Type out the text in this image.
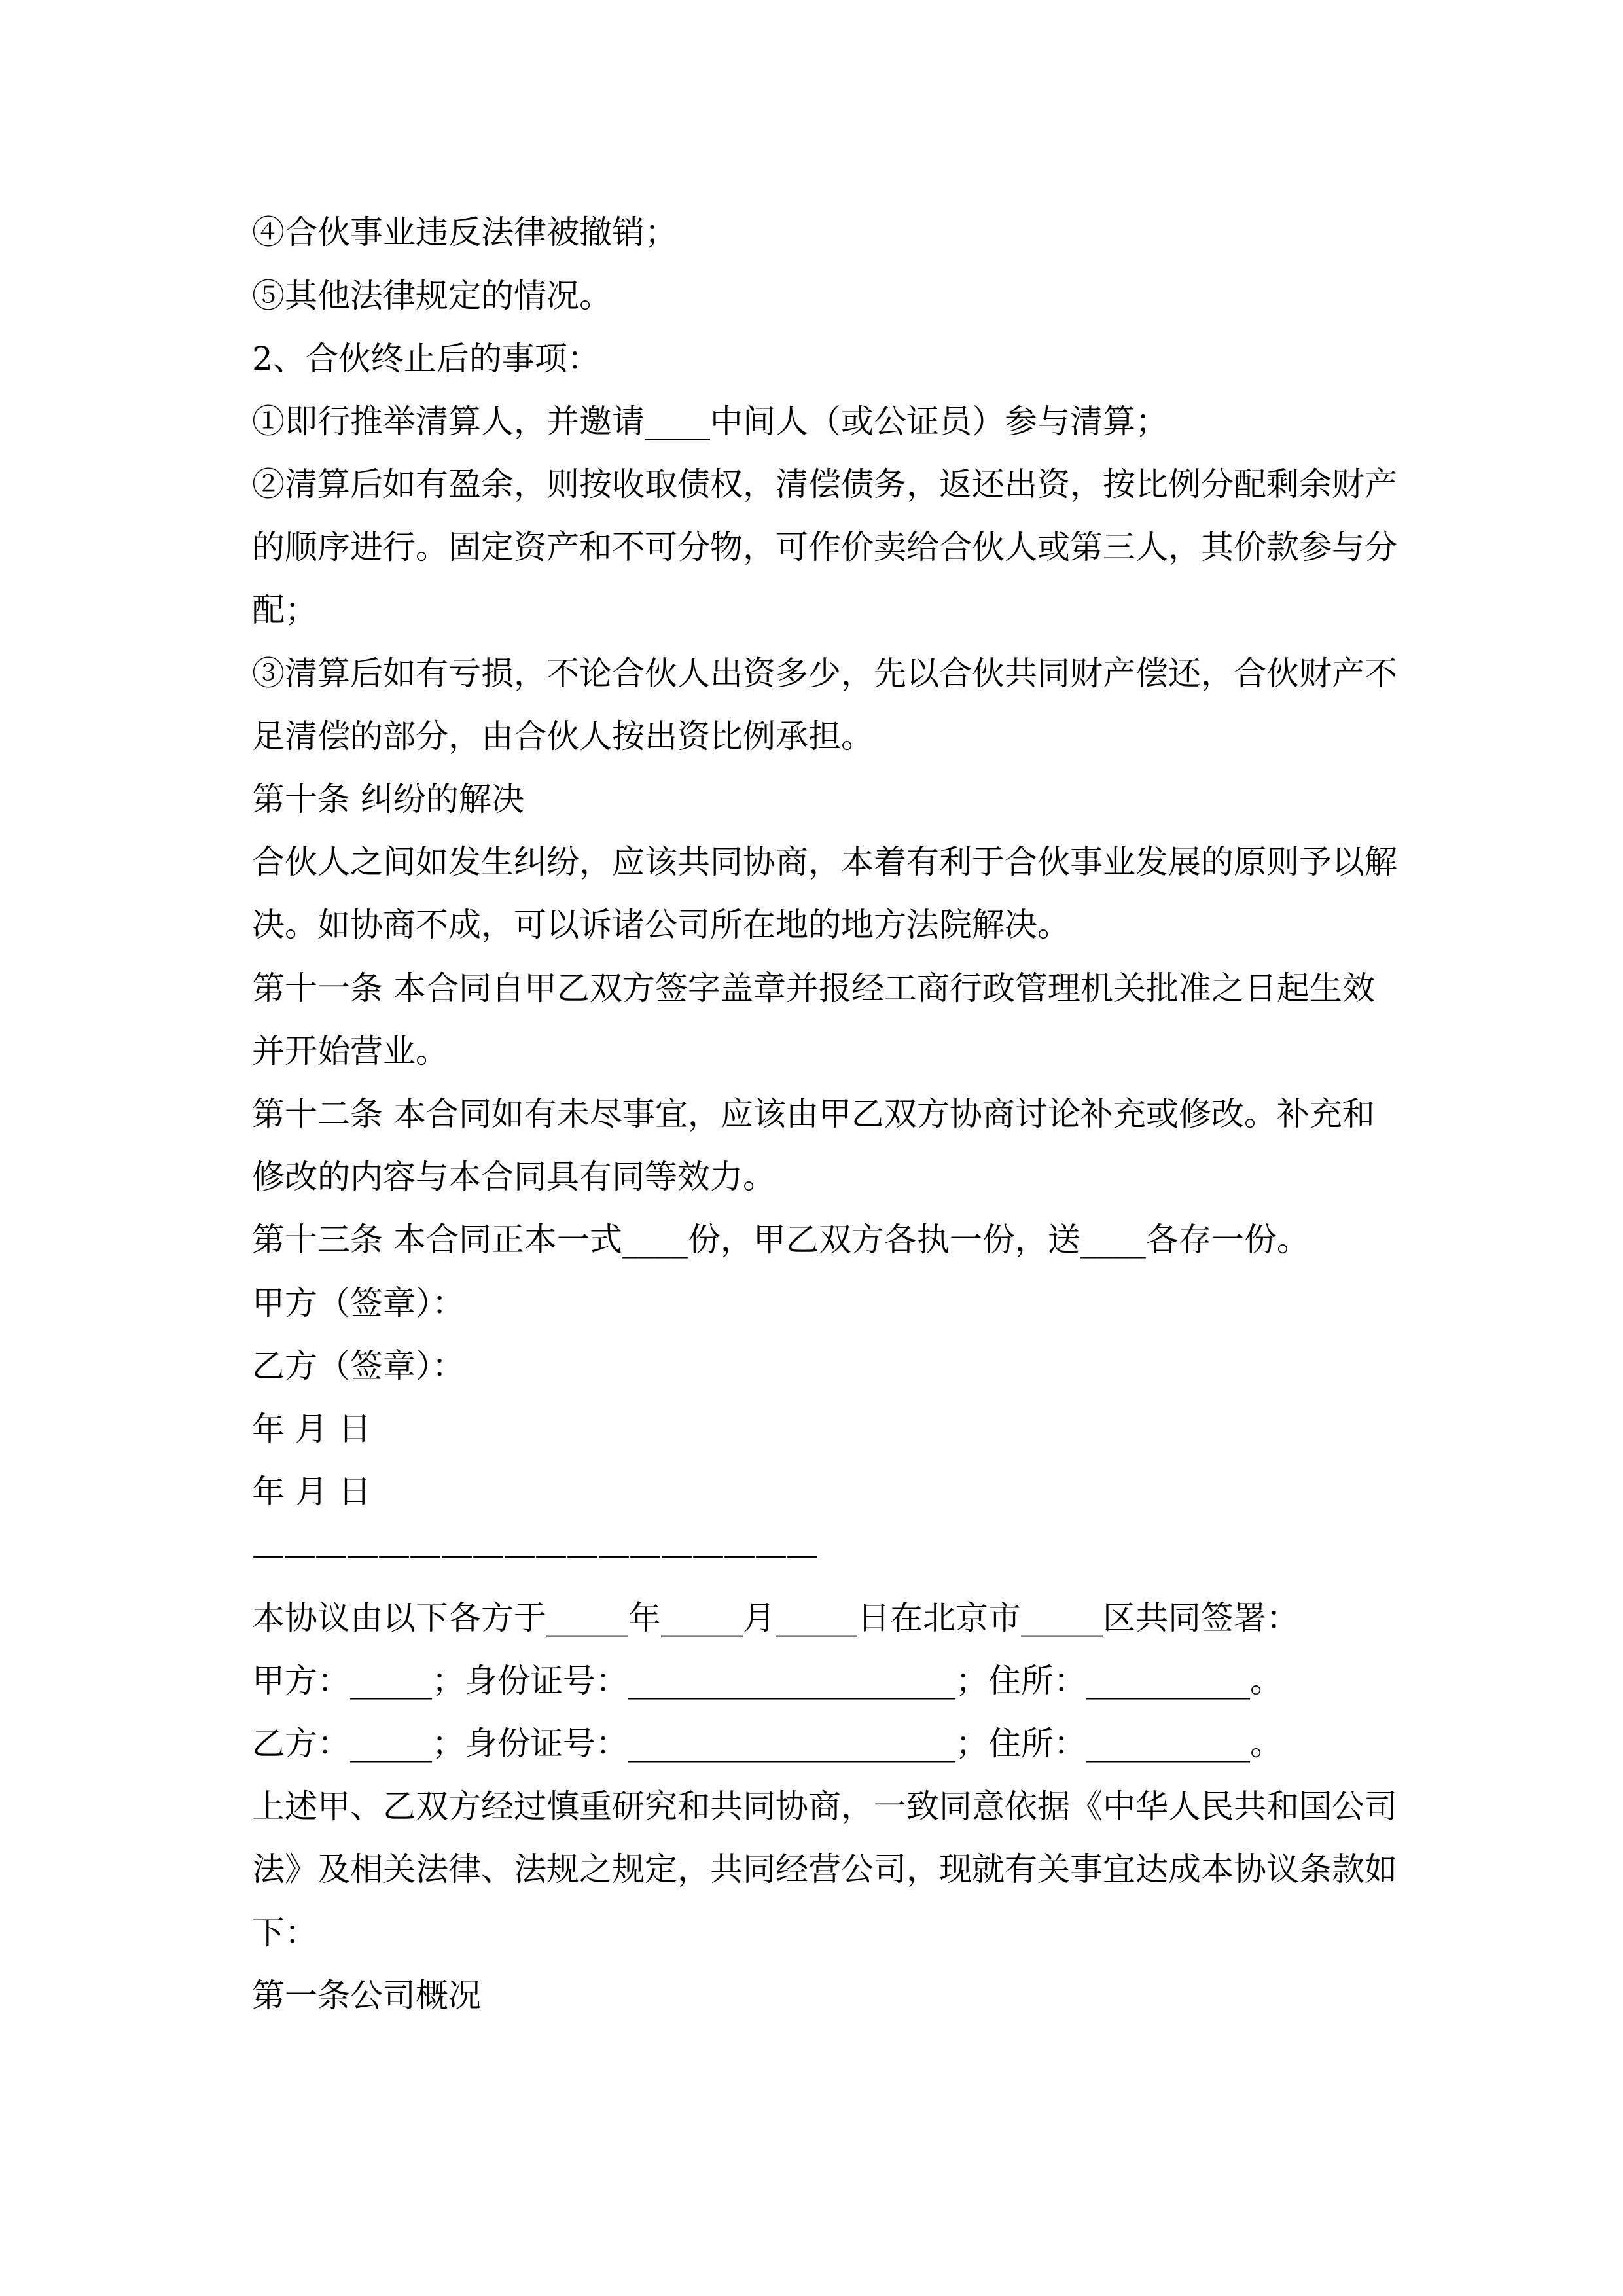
④合伙事业违反法律被撤销；
⑤其他法律规定的情况。
2、合伙终止后的事项：
①即行推举清算人，并邀请____中间人（或公证员）参与清算；
②清算后如有盈余，则按收取债权，清偿债务，返还出资，按比例分配剩余财产
的顺序进行。固定资产和不可分物，可作价卖给合伙人或第三人，其价款参与分
配；
③清算后如有亏损，不论合伙人出资多少，先以合伙共同财产偿还，合伙财产不
足清偿的部分，由合伙人按出资比例承担。
第十条 纠纷的解决
合伙人之间如发生纠纷，应该共同协商，本着有利于合伙事业发展的原则予以解
决。如协商不成，可以诉诸公司所在地的地方法院解决。
第十一条 本合同自甲乙双方签字盖章并报经工商行政管理机关批准之日起生效
并开始营业。
第十二条 本合同如有未尽事宜，应该由甲乙双方协商讨论补充或修改。补充和
修改的内容与本合同具有同等效力。
第十三条 本合同正本一式____份，甲乙双方各执一份，送____各存一份。
甲方（签章）：
乙方（签章）：
年 月 日
年 月 日
——————————————————
本协议由以下各方于_____年_____月_____日在北京市_____区共同签署：
甲方：_____；身份证号：____________________；住所：__________。
乙方：_____；身份证号：____________________；住所：__________。
上述甲、乙双方经过慎重研究和共同协商，一致同意依据《中华人民共和国公司
法》及相关法律、法规之规定，共同经营公司，现就有关事宜达成本协议条款如
下：
第一条公司概况
